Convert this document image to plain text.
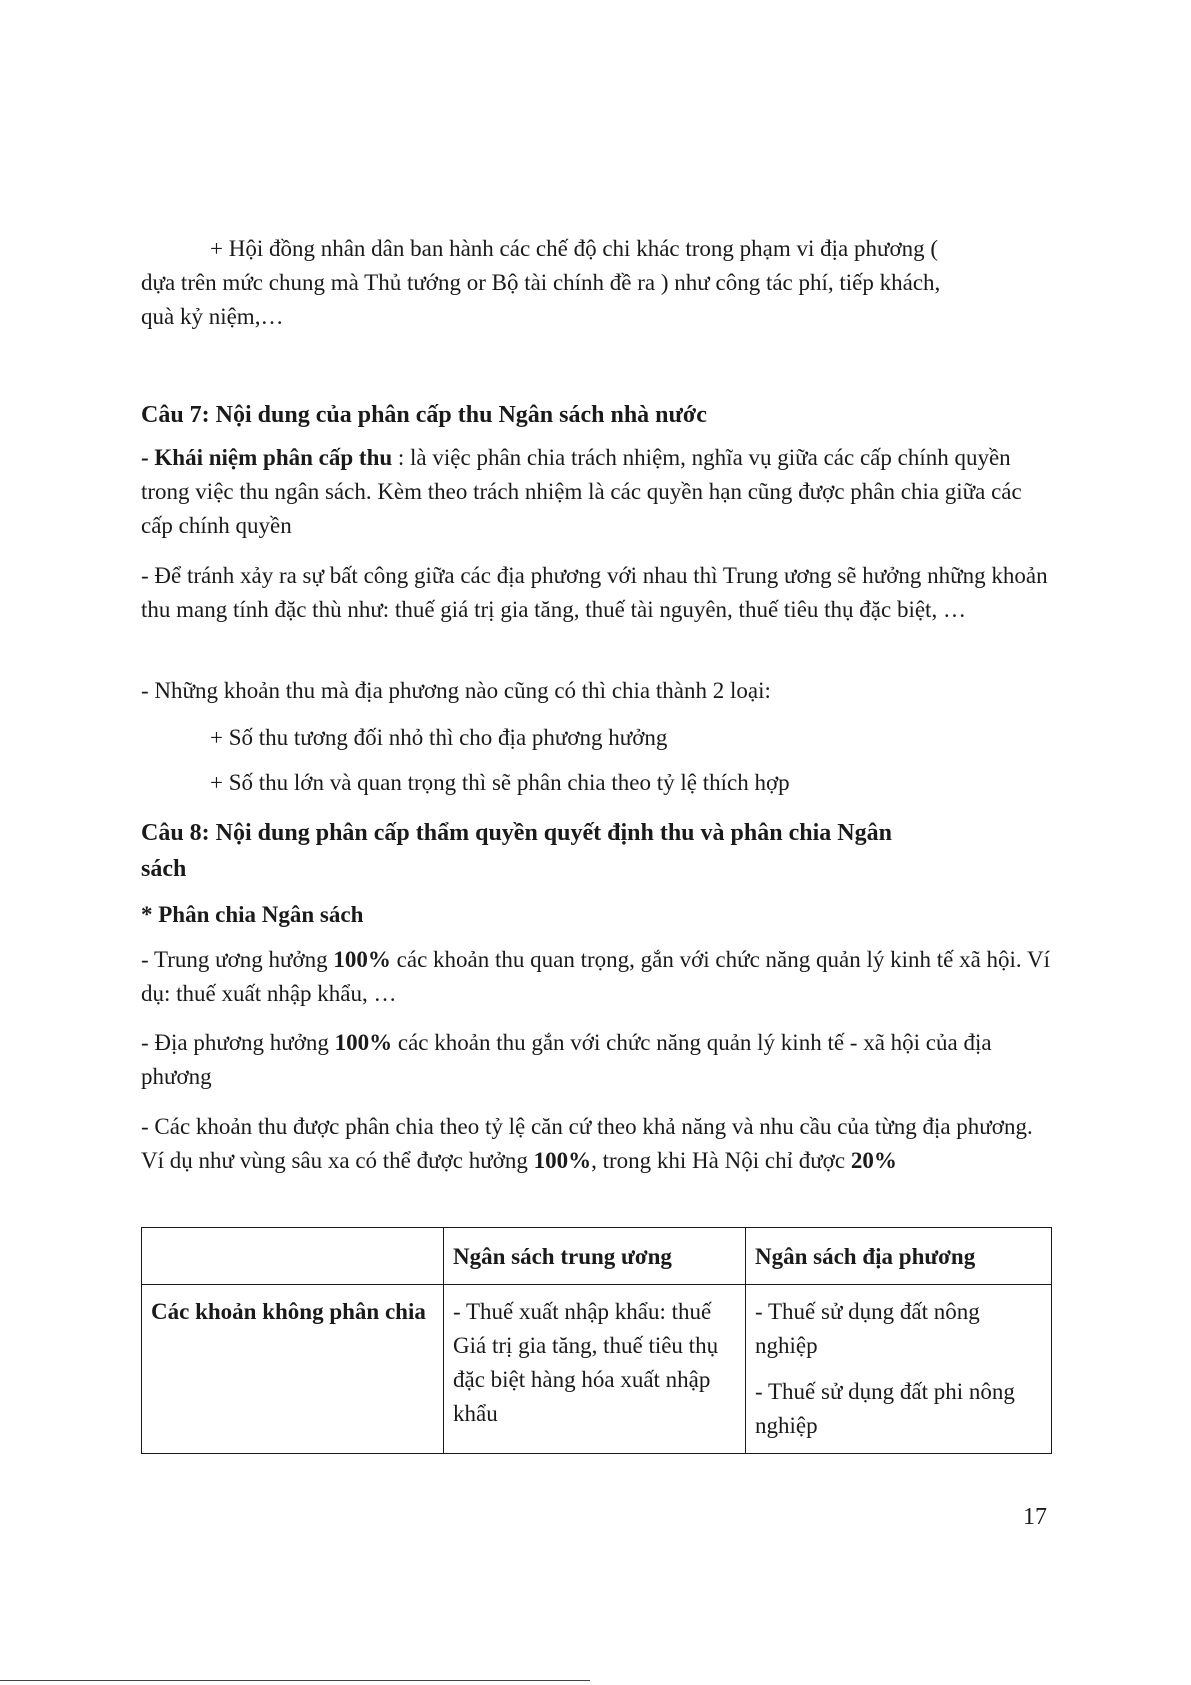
+ Hội đồng nhân dân ban hành các chế độ chi khác trong phạm vi địa phương (

dựa trên mức chung mà Thủ tướng or Bộ tài chính đề ra ) như công tác phí, tiếp khách,

quà kỷ niệm,…

Câu 7: Nội dung của phân cấp thu Ngân sách nhà nước

- Khái niệm phân cấp thu : là việc phân chia trách nhiệm, nghĩa vụ giữa các cấp chính quyền trong việc thu ngân sách. Kèm theo trách nhiệm là các quyền hạn cũng được phân chia giữa các cấp chính quyền

- Để tránh xảy ra sự bất công giữa các địa phương với nhau thì Trung ương sẽ hưởng những khoản thu mang tính đặc thù như: thuế giá trị gia tăng, thuế tài nguyên, thuế tiêu thụ đặc biệt, …

- Những khoản thu mà địa phương nào cũng có thì chia thành 2 loại:

+ Số thu tương đối nhỏ thì cho địa phương hưởng

+ Số thu lớn và quan trọng thì sẽ phân chia theo tỷ lệ thích hợp

Câu 8: Nội dung phân cấp thẩm quyền quyết định thu và phân chia Ngân
sách

* Phân chia Ngân sách

- Trung ương hưởng 100% các khoản thu quan trọng, gắn với chức năng quản lý kinh tế xã hội. Ví dụ: thuế xuất nhập khẩu, …

- Địa phương hưởng 100% các khoản thu gắn với chức năng quản lý kinh tế - xã hội của địa phương

- Các khoản thu được phân chia theo tỷ lệ căn cứ theo khả năng và nhu cầu của từng địa phương. Ví dụ như vùng sâu xa có thể được hưởng 100%, trong khi Hà Nội chỉ được 20%

	Ngân sách trung ương	Ngân sách địa phương
Các khoản không phân chia	- Thuế xuất nhập khẩu: thuế Giá trị gia tăng, thuế tiêu thụ đặc biệt hàng hóa xuất nhập khẩu	- Thuế sử dụng đất nông nghiệp
- Thuế sử dụng đất phi nông nghiệp
17
